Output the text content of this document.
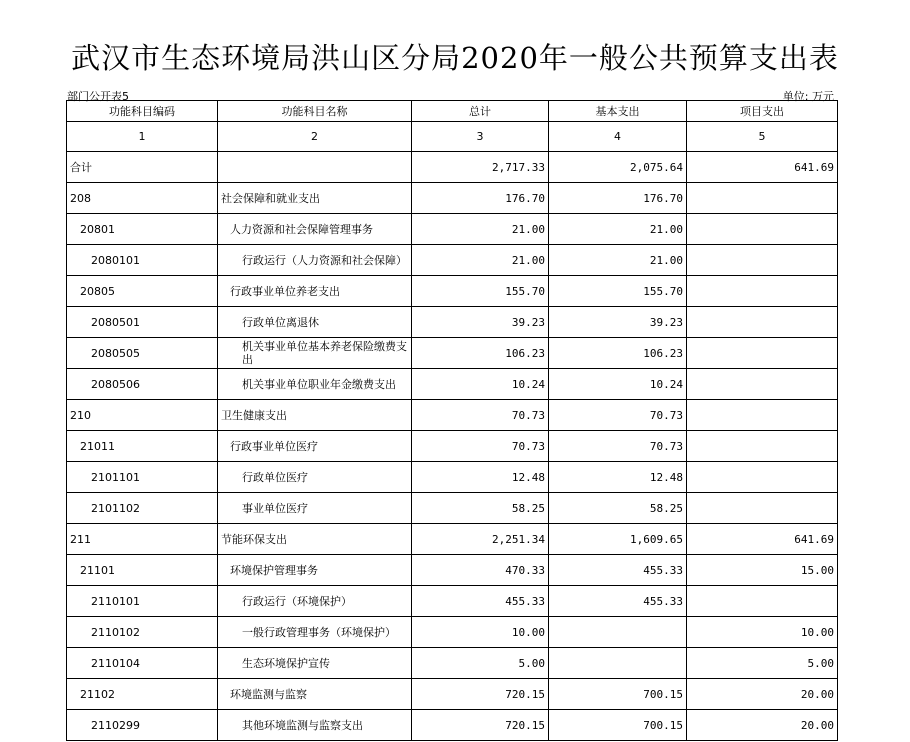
武汉市生态环境局洪山区分局2020年一般公共预算支出表
部门公开表5	单位: 万元
功能科目编码	功能科目名称	总计	基本支出	项目支出
1	2	3	4	5
合计		2,717.33	2,075.64	641.69
208	社会保障和就业支出	176.70	176.70	
20801	人力资源和社会保障管理事务	21.00	21.00	
2080101	行政运行（人力资源和社会保障）	21.00	21.00	
20805	行政事业单位养老支出	155.70	155.70	
2080501	行政单位离退休	39.23	39.23	
2080505	机关事业单位基本养老保险缴费支出	106.23	106.23	
2080506	机关事业单位职业年金缴费支出	10.24	10.24	
210	卫生健康支出	70.73	70.73	
21011	行政事业单位医疗	70.73	70.73	
2101101	行政单位医疗	12.48	12.48	
2101102	事业单位医疗	58.25	58.25	
211	节能环保支出	2,251.34	1,609.65	641.69
21101	环境保护管理事务	470.33	455.33	15.00
2110101	行政运行（环境保护）	455.33	455.33	
2110102	一般行政管理事务（环境保护）	10.00		10.00
2110104	生态环境保护宣传	5.00		5.00
21102	环境监测与监察	720.15	700.15	20.00
2110299	其他环境监测与监察支出	720.15	700.15	20.00
